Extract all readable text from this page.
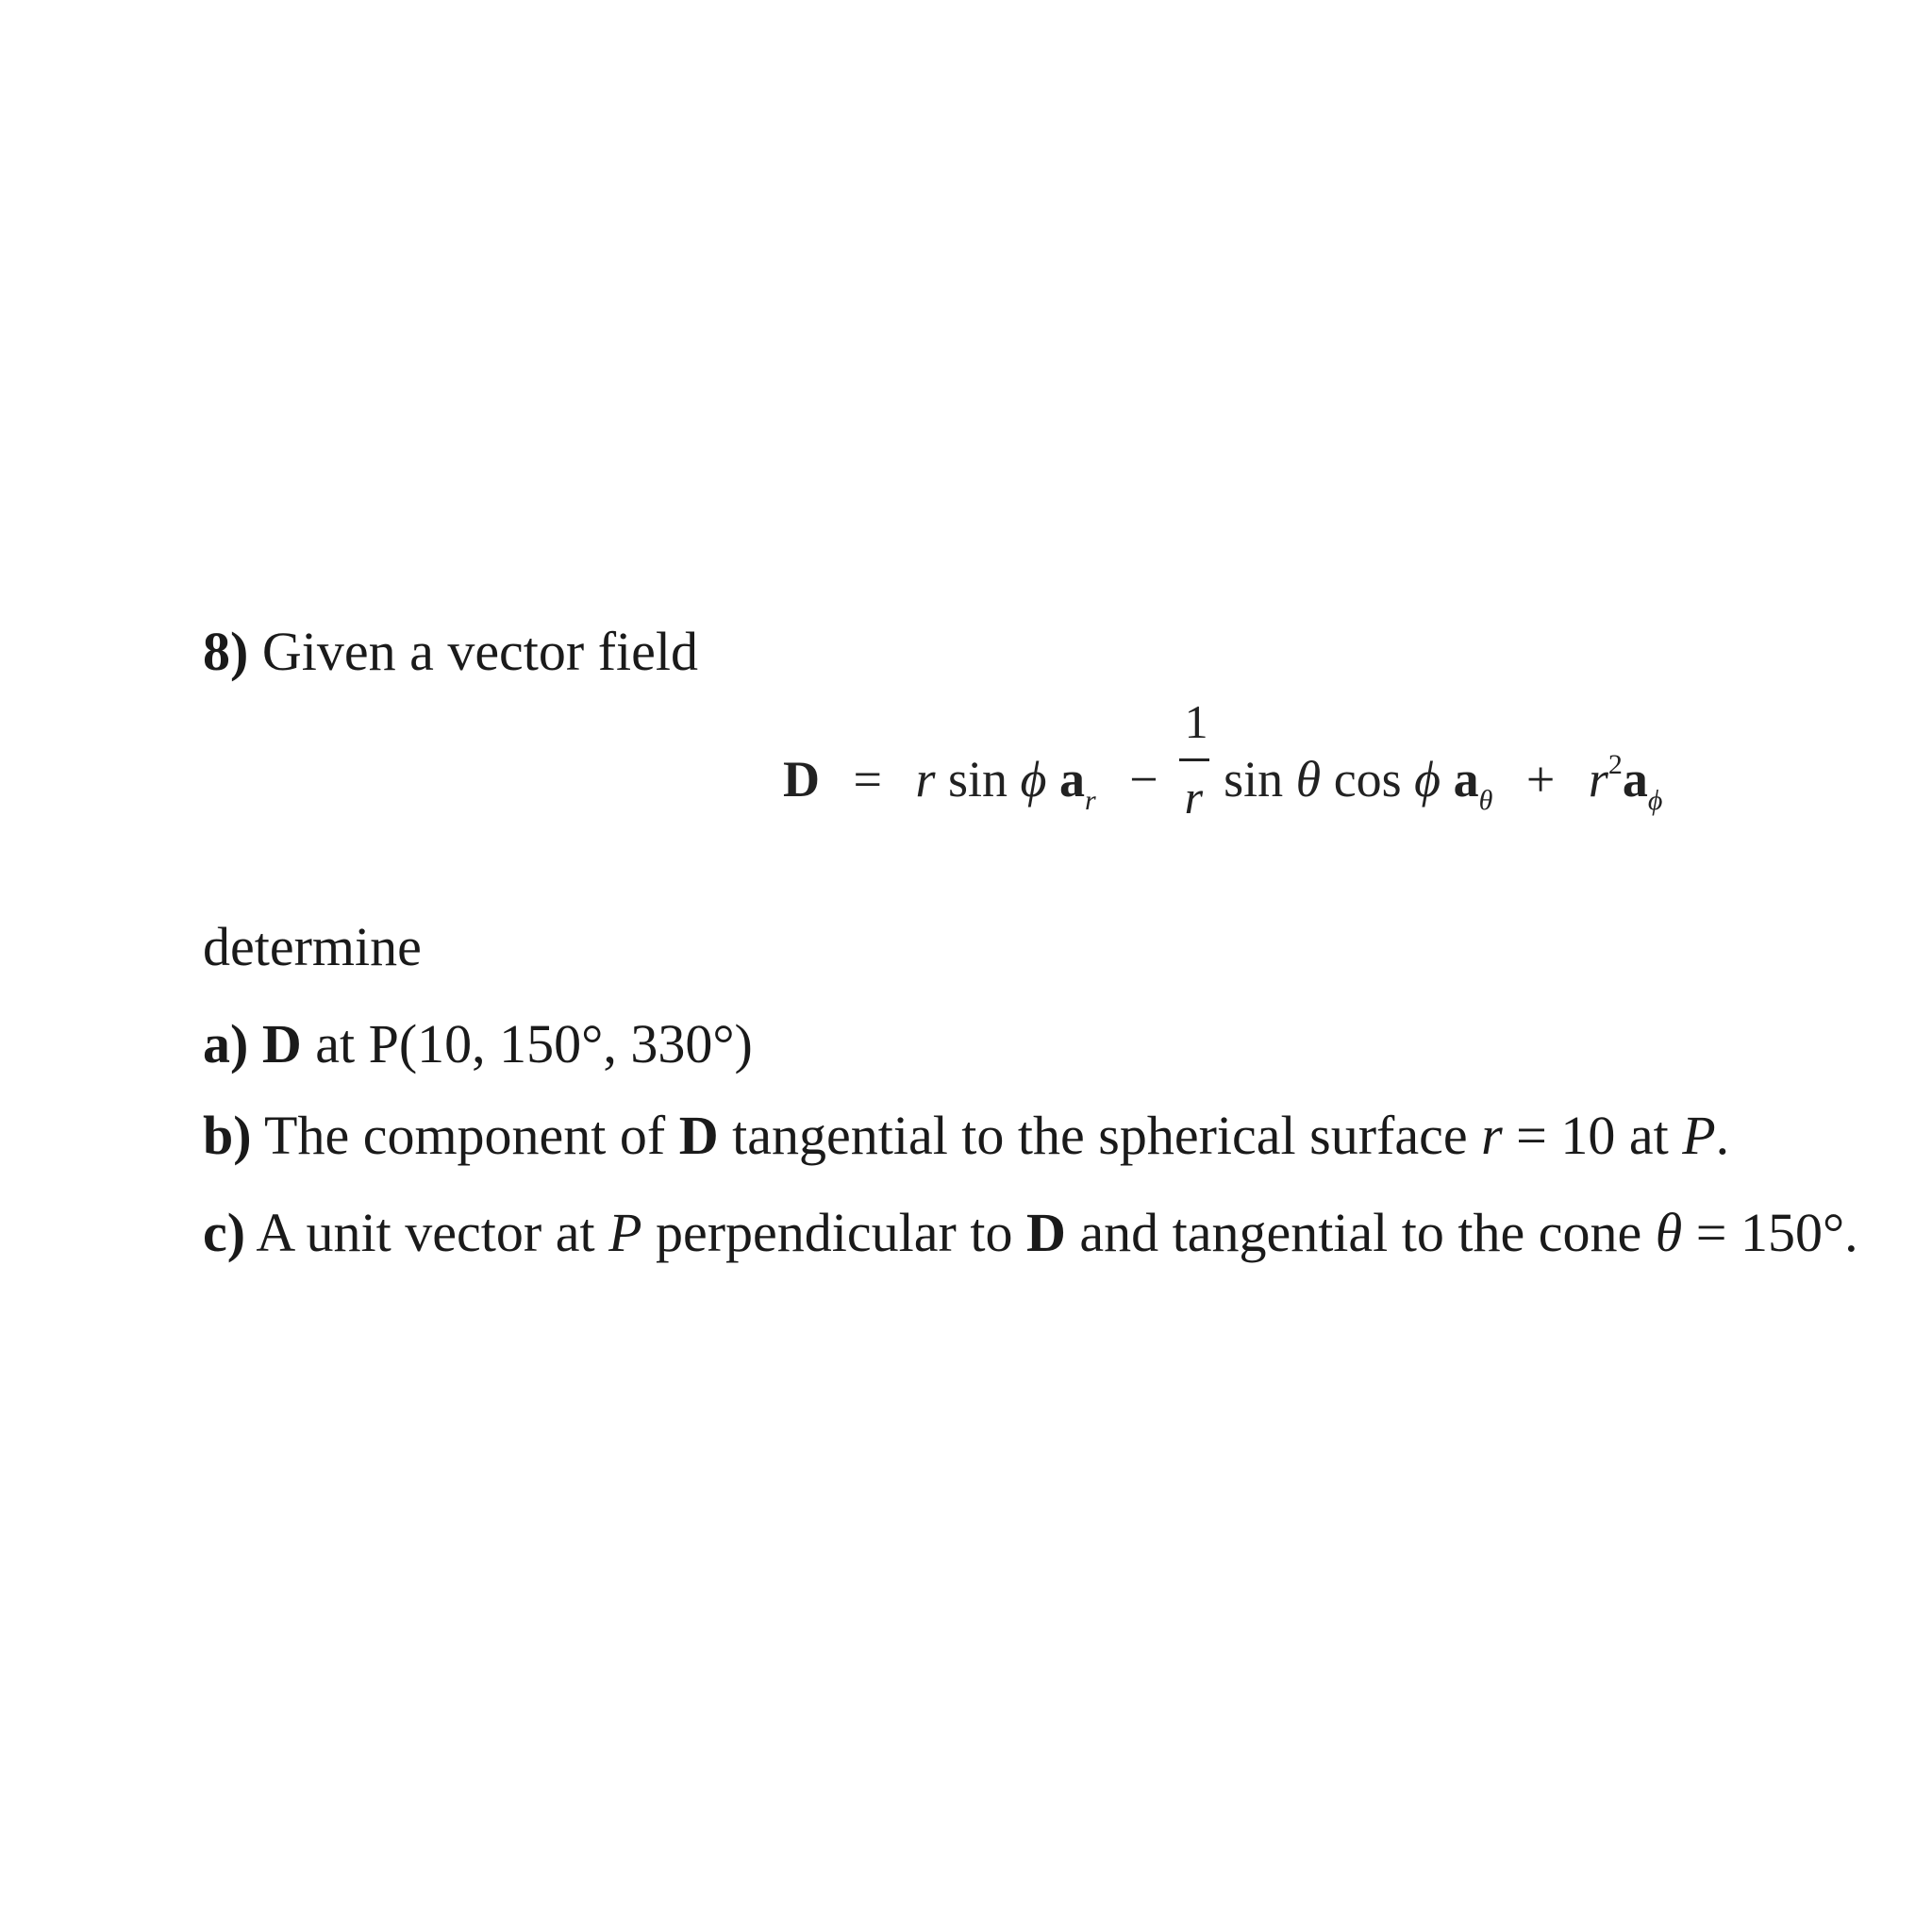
8) Given a vector field
D = r sin ϕ $a_r - \frac{1}{r}$ sin θ cos ϕ $a_\theta + r^2a_\phi$
determine
a) D at P(10, 150°, 330°)
b) The component of D tangential to the spherical surface r = 10 at P.
c) A unit vector at P perpendicular to D and tangential to the cone θ = 150°.
